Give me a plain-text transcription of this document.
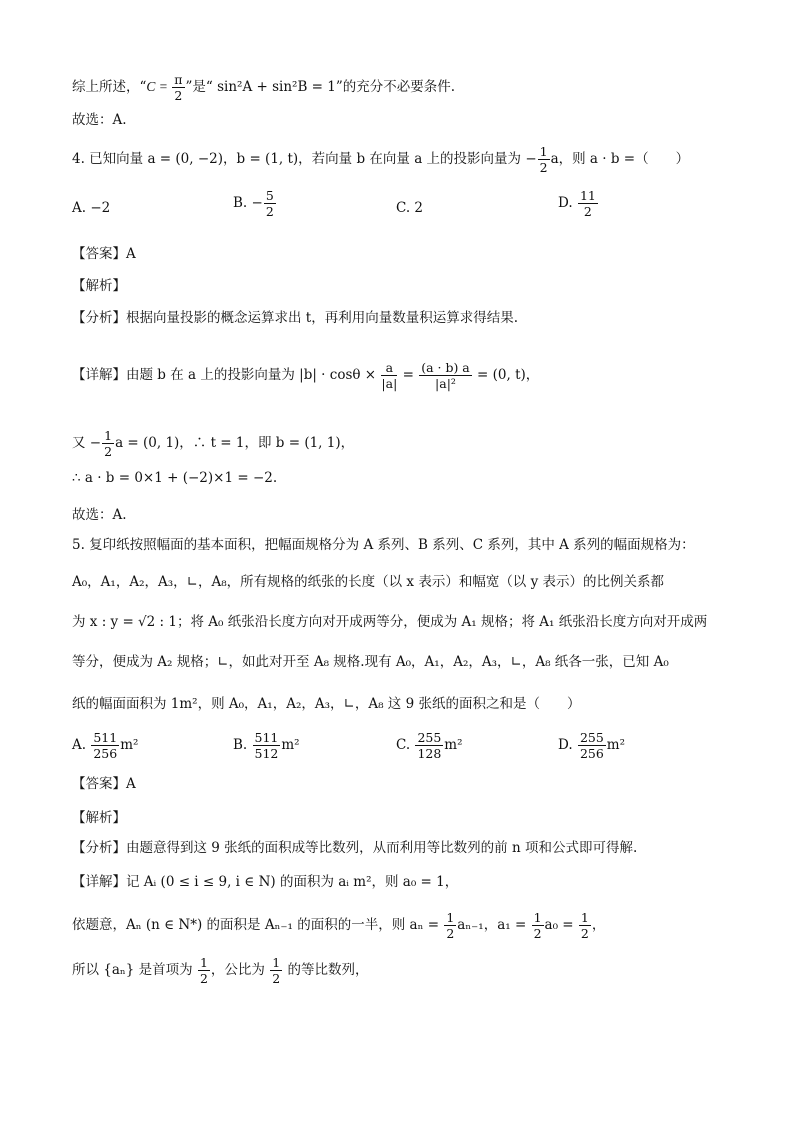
综上所述，“$C = \frac{\pi}{2}$ ”是“ sin²A + sin²B = 1”的充分不必要条件.
故选：A.
4. 已知向量 a = (0, −2)，b = (1, t)，若向量 b 在向量 a 上的投影向量为 − $\frac{1}{2}$ a，则 a · b =（　　）
A. −2	B. − $\frac{5}{2}$	C. 2	D. $\frac{11}{2}$
【答案】A
【解析】
【分析】根据向量投影的概念运算求出 t，再利用向量数量积运算求得结果.
【详解】由题 b 在 a 上的投影向量为 $|b| \cdot \cos\theta \times \frac{a}{|a|} = \frac{(a \cdot b) a}{\text{|a|²}} = (0$, t)，
又 − $\frac{1}{2}$ a = (0, 1)，∴ t = 1，即 b = (1, 1)，
∴ a · b = 0×1 + (−2)×1 = −2.
故选：A.
5. 复印纸按照幅面的基本面积，把幅面规格分为 A 系列、B 系列、C 系列，其中 A 系列的幅面规格为：
A₀，A₁，A₂，A₃，∟，A₈，所有规格的纸张的长度（以 x 表示）和幅宽（以 y 表示）的比例关系都
为 x : y = √2 : 1；将 A₀ 纸张沿长度方向对开成两等分，便成为 A₁ 规格；将 A₁ 纸张沿长度方向对开成两
等分，便成为 A₂ 规格；∟，如此对开至 A₈ 规格.现有 A₀，A₁，A₂，A₃，∟，A₈ 纸各一张，已知 A₀
纸的幅面面积为 1m²，则 A₀，A₁，A₂，A₃，∟，A₈ 这 9 张纸的面积之和是（　　）
A. $\frac{511}{256} m^2$	B. $\frac{511}{512} m^2$	C. $\frac{255}{128} m^2$	D. $\frac{255}{256} m^2$
【答案】A
【解析】
【分析】由题意得到这 9 张纸的面积成等比数列，从而利用等比数列的前 n 项和公式即可得解.
【详解】记 Aᵢ (0 ≤ i ≤ 9, i ∈ N) 的面积为 aᵢ m²，则 a₀ = 1，
依题意，Aₙ (n ∈ N*) 的面积是 Aₙ₋₁ 的面积的一半，则 $a_n = \frac{1}{2} a_{n-1}$，$a_1 = \frac{1}{2} a_0 = \frac{1}{2}$ ，
所以 {aₙ} 是首项为 $\frac{1}{2}$ ，公比为 $\frac{1}{2}$ 的等比数列，
